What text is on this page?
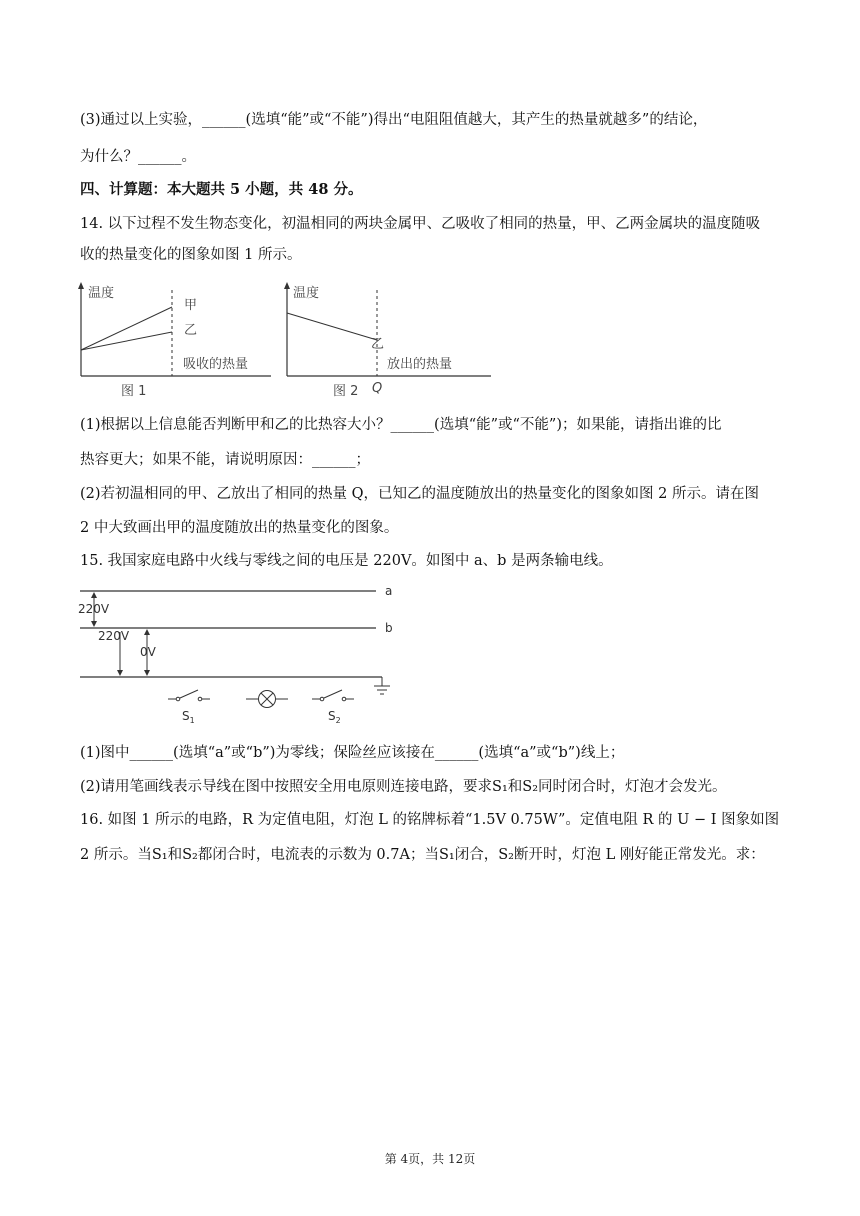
(3)通过以上实验，______(选填“能”或“不能”)得出“电阻阻值越大，其产生的热量就越多”的结论，
为什么？______。
四、计算题：本大题共 5 小题，共 48 分。
14. 以下过程不发生物态变化，初温相同的两块金属甲、乙吸收了相同的热量，甲、乙两金属块的温度随吸
收的热量变化的图象如图 1 所示。
温度
甲
乙
吸收的热量
图 1
温度
乙
放出的热量
图 2 Q
(1)根据以上信息能否判断甲和乙的比热容大小？______(选填“能”或“不能”)；如果能，请指出谁的比
热容更大；如果不能，请说明原因：______；
(2)若初温相同的甲、乙放出了相同的热量 Q，已知乙的温度随放出的热量变化的图象如图 2 所示。请在图
2 中大致画出甲的温度随放出的热量变化的图象。
15. 我国家庭电路中火线与零线之间的电压是 220V。如图中 a、b 是两条输电线。
a
b
220V
220V
0V
$S_1$	$S_2$
(1)图中______(选填“a”或“b”)为零线；保险丝应该接在______(选填“a”或“b”)线上；
(2)请用笔画线表示导线在图中按照安全用电原则连接电路，要求S₁和S₂同时闭合时，灯泡才会发光。
16. 如图 1 所示的电路，R 为定值电阻，灯泡 L 的铭牌标着“1.5V 0.75W”。定值电阻 R 的 U − I 图象如图
2 所示。当S₁和S₂都闭合时，电流表的示数为 0.7A；当S₁闭合，S₂断开时，灯泡 L 刚好能正常发光。求：
第 4页，共 12页
